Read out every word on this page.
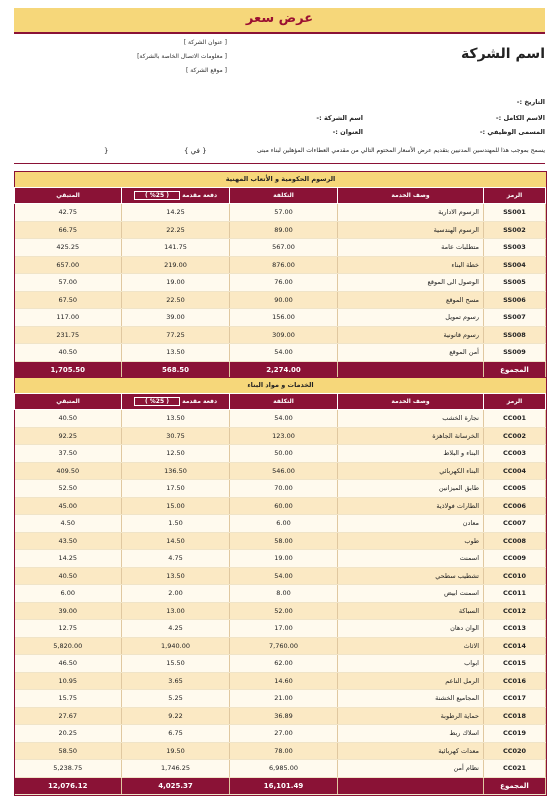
عرض سعر
اسم الشركة
[ عنوان الشركة ]
[ معلومات الاتصال الخاصة بالشركة]
[ موقع الشركة ]
التاريخ :-
الاسم الكامل :-
اسم الشركة :-
المسمى الوظيفي :-
العنوان :-
يسمح بموجب هذا للمهندسين المدنيين بتقديم عرض الأسعار المحتوم التالي من مقدمي العطاءات المؤهلين لبناء مبنى
{ في }
{
الرسوم الحكومية و الأتعاب المهنية
الرمز	وصف الخدمة	التكلفة	دفعة مقدمة ( 25% )	المتبقي
SS001	الرسوم الادارية	57.00	14.25	42.75
SS002	الرسوم الهندسية	89.00	22.25	66.75
SS003	متطلبات عامة	567.00	141.75	425.25
SS004	خطة البناء	876.00	219.00	657.00
SS005	الوصول الى الموقع	76.00	19.00	57.00
SS006	مسح الموقع	90.00	22.50	67.50
SS007	رسوم تمويل	156.00	39.00	117.00
SS008	رسوم قانونية	309.00	77.25	231.75
SS009	أمن الموقع	54.00	13.50	40.50
المجموع		2,274.00	568.50	1,705.50
الخدمات و مواد البناء
الرمز	وصف الخدمة	التكلفة	دفعة مقدمة ( 25% )	المتبقي
CC001	نجارة الخشب	54.00	13.50	40.50
CC002	الخرسانة الجاهزة	123.00	30.75	92.25
CC003	البناء و البلاط	50.00	12.50	37.50
CC004	البناء الكهربائي	546.00	136.50	409.50
CC005	طابق الميزانين	70.00	17.50	52.50
CC006	الطارات فولاذية	60.00	15.00	45.00
CC007	معادن	6.00	1.50	4.50
CC008	طوب	58.00	14.50	43.50
CC009	اسمنت	19.00	4.75	14.25
CC010	تشطيب سطحي	54.00	13.50	40.50
CC011	اسمنت ابيض	8.00	2.00	6.00
CC012	السباكة	52.00	13.00	39.00
CC013	الوان دهان	17.00	4.25	12.75
CC014	الاثاث	7,760.00	1,940.00	5,820.00
CC015	ابواب	62.00	15.50	46.50
CC016	الرمل الناعم	14.60	3.65	10.95
CC017	المجاميع الخشنة	21.00	5.25	15.75
CC018	حماية الرطوبة	36.89	9.22	27.67
CC019	اسلاك ربط	27.00	6.75	20.25
CC020	معدات كهربائية	78.00	19.50	58.50
CC021	نظام أمن	6,985.00	1,746.25	5,238.75
المجموع		16,101.49	4,025.37	12,076.12
